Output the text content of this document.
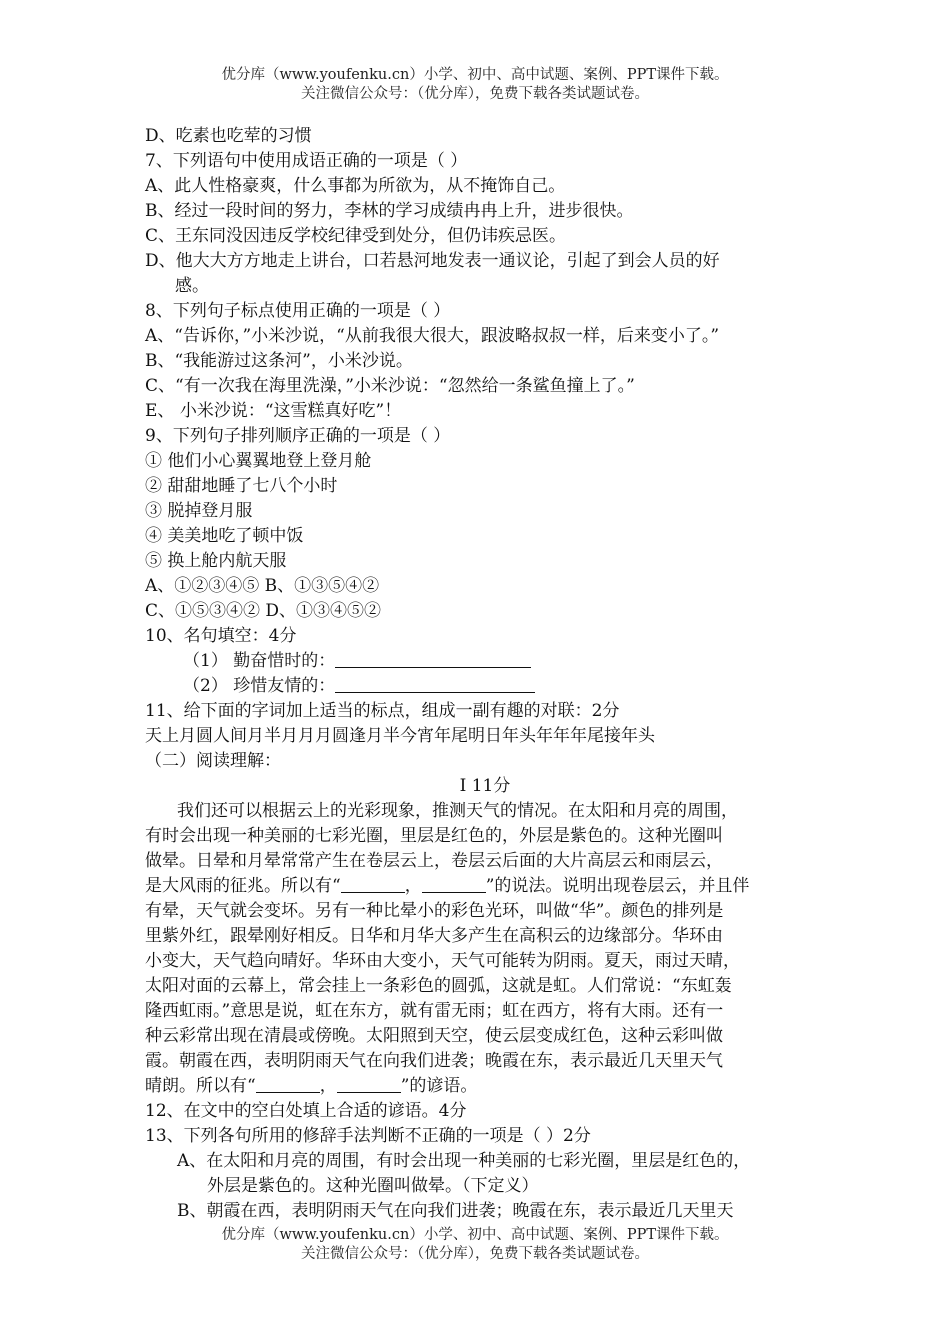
优分库（www.youfenku.cn）小学、初中、高中试题、案例、PPT课件下载。
关注微信公众号：（优分库），免费下载各类试题试卷。
D、吃素也吃荤的习惯
7、下列语句中使用成语正确的一项是（ ）
A、此人性格豪爽，什么事都为所欲为，从不掩饰自己。
B、经过一段时间的努力，李林的学习成绩冉冉上升，进步很快。
C、王东同没因违反学校纪律受到处分，但仍讳疾忌医。
D、他大大方方地走上讲台，口若悬河地发表一通议论，引起了到会人员的好
感。
8、下列句子标点使用正确的一项是（ ）
A、“告诉你，”小米沙说，“从前我很大很大，跟波略叔叔一样，后来变小了。”
B、“我能游过这条河”，小米沙说。
C、“有一次我在海里洗澡，”小米沙说：“忽然给一条鲨鱼撞上了。”
E、 小米沙说：“这雪糕真好吃”！
9、下列句子排列顺序正确的一项是（ ）
① 他们小心翼翼地登上登月舱
② 甜甜地睡了七八个小时
③ 脱掉登月服
④ 美美地吃了顿中饭
⑤ 换上舱内航天服
A、①②③④⑤ B、①③⑤④②
C、①⑤③④② D、①③④⑤②
10、名句填空：4分
（1） 勤奋惜时的：
（2） 珍惜友情的：
11、给下面的字词加上适当的标点，组成一副有趣的对联：2分
天上月圆人间月半月月月圆逢月半今宵年尾明日年头年年年尾接年头
（二）阅读理解：
Ⅰ 11分
我们还可以根据云上的光彩现象，推测天气的情况。在太阳和月亮的周围，
有时会出现一种美丽的七彩光圈，里层是红色的，外层是紫色的。这种光圈叫
做晕。日晕和月晕常常产生在卷层云上，卷层云后面的大片高层云和雨层云，
是大风雨的征兆。所以有“	，	”的说法。说明出现卷层云，并且伴
有晕，天气就会变坏。另有一种比晕小的彩色光环，叫做“华”。颜色的排列是
里紫外红，跟晕刚好相反。日华和月华大多产生在高积云的边缘部分。华环由
小变大，天气趋向晴好。华环由大变小，天气可能转为阴雨。夏天，雨过天晴，
太阳对面的云幕上，常会挂上一条彩色的圆弧，这就是虹。人们常说：“东虹轰
隆西虹雨。”意思是说，虹在东方，就有雷无雨；虹在西方，将有大雨。还有一
种云彩常出现在清晨或傍晚。太阳照到天空，使云层变成红色，这种云彩叫做
霞。朝霞在西，表明阴雨天气在向我们进袭；晚霞在东，表示最近几天里天气
晴朗。所以有“	，	”的谚语。
12、在文中的空白处填上合适的谚语。4分
13、下列各句所用的修辞手法判断不正确的一项是（ ）2分
A、在太阳和月亮的周围，有时会出现一种美丽的七彩光圈，里层是红色的，
外层是紫色的。这种光圈叫做晕。（下定义）
B、朝霞在西，表明阴雨天气在向我们进袭；晚霞在东，表示最近几天里天
优分库（www.youfenku.cn）小学、初中、高中试题、案例、PPT课件下载。
关注微信公众号：（优分库），免费下载各类试题试卷。
